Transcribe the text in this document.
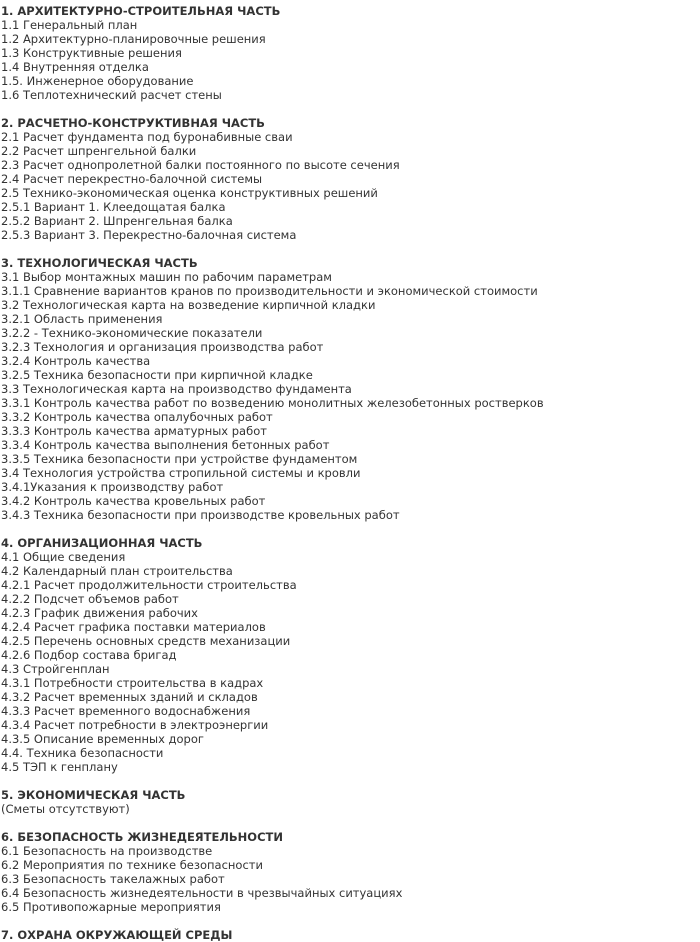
1. АРХИТЕКТУРНО-СТРОИТЕЛЬНАЯ ЧАСТЬ
1.1 Генеральный план
1.2 Архитектурно-планировочные решения
1.3 Конструктивные решения
1.4 Внутренняя отделка
1.5. Инженерное оборудование
1.6 Теплотехнический расчет стены
2. РАСЧЕТНО-КОНСТРУКТИВНАЯ ЧАСТЬ
2.1 Расчет фундамента под буронабивные сваи
2.2 Расчет шпренгельной балки
2.3 Расчет однопролетной балки постоянного по высоте сечения
2.4 Расчет перекрестно-балочной системы
2.5 Технико-экономическая оценка конструктивных решений
2.5.1 Вариант 1. Клеедощатая балка
2.5.2 Вариант 2. Шпренгельная балка
2.5.3 Вариант 3. Перекрестно-балочная система
3. ТЕХНОЛОГИЧЕСКАЯ ЧАСТЬ
3.1 Выбор монтажных машин по рабочим параметрам
3.1.1 Сравнение вариантов кранов по производительности и экономической стоимости
3.2 Технологическая карта на возведение кирпичной кладки
3.2.1 Область применения
3.2.2 - Технико-экономические показатели
3.2.3 Технология и организация производства работ
3.2.4 Контроль качества
3.2.5 Техника безопасности при кирпичной кладке
3.3 Технологическая карта на производство фундамента
3.3.1 Контроль качества работ по возведению монолитных железобетонных ростверков
3.3.2 Контроль качества опалубочных работ
3.3.3 Контроль качества арматурных работ
3.3.4 Контроль качества выполнения бетонных работ
3.3.5 Техника безопасности при устройстве фундаментом
3.4 Технология устройства стропильной системы и кровли
3.4.1Указания к производству работ
3.4.2 Контроль качества кровельных работ
3.4.3 Техника безопасности при производстве кровельных работ
4. ОРГАНИЗАЦИОННАЯ ЧАСТЬ
4.1 Общие сведения
4.2 Календарный план строительства
4.2.1 Расчет продолжительности строительства
4.2.2 Подсчет объемов работ
4.2.3 График движения рабочих
4.2.4 Расчет графика поставки материалов
4.2.5 Перечень основных средств механизации
4.2.6 Подбор состава бригад
4.3 Стройгенплан
4.3.1 Потребности строительства в кадрах
4.3.2 Расчет временных зданий и складов
4.3.3 Расчет временного водоснабжения
4.3.4 Расчет потребности в электроэнергии
4.3.5 Описание временных дорог
4.4. Техника безопасности
4.5 ТЭП к генплану
5. ЭКОНОМИЧЕСКАЯ ЧАСТЬ
(Сметы отсутствуют)
6. БЕЗОПАСНОСТЬ ЖИЗНЕДЕЯТЕЛЬНОСТИ
6.1 Безопасность на производстве
6.2 Мероприятия по технике безопасности
6.3 Безопасность такелажных работ
6.4 Безопасность жизнедеятельности в чрезвычайных ситуациях
6.5 Противопожарные мероприятия
7. ОХРАНА ОКРУЖАЮЩЕЙ СРЕДЫ
